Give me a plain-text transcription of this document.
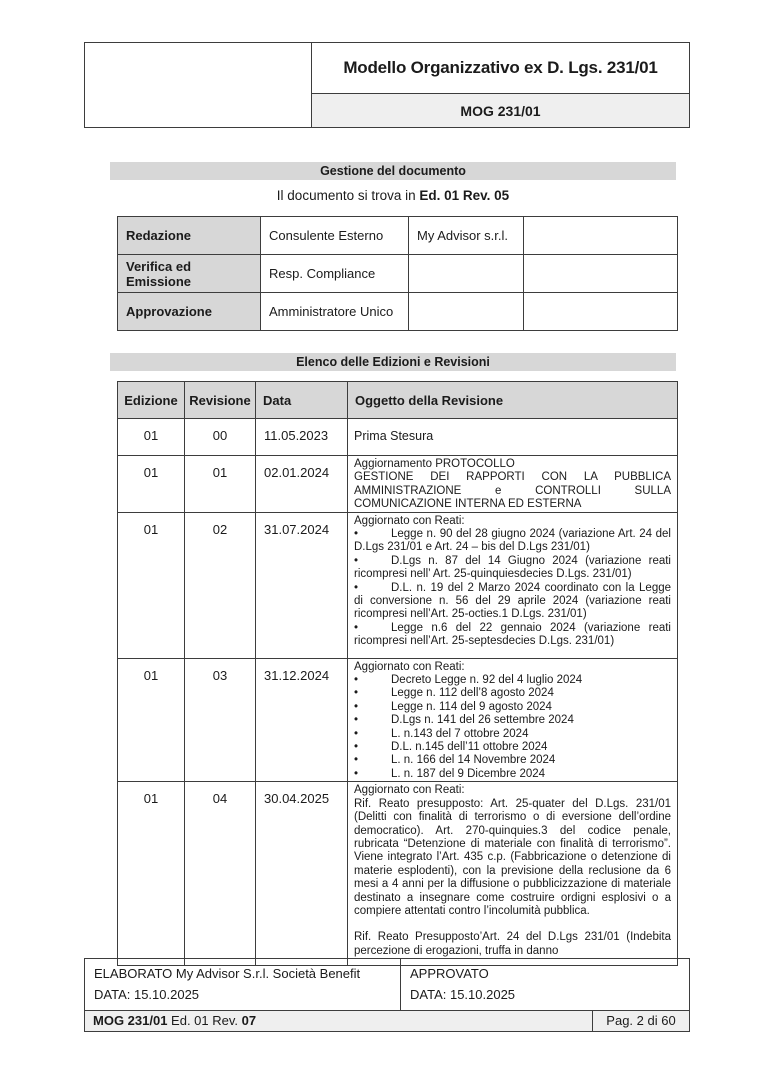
Modello Organizzativo ex D. Lgs. 231/01
MOG 231/01
Gestione del documento
Il documento si trova in Ed. 01 Rev. 05
Redazione	Consulente Esterno	My Advisor s.r.l.	
Verifica ed Emissione	Resp. Compliance		
Approvazione	Amministratore Unico		
Elenco delle Edizioni e Revisioni
Edizione	Revisione	Data	Oggetto della Revisione
01	00	11.05.2023	Prima Stesura

01	01	02.01.2024	Aggiornamento PROTOCOLLO
GESTIONE DEI RAPPORTI CON LA PUBBLICA AMMINISTRAZIONE e CONTROLLI SULLA COMUNICAZIONE INTERNA ED ESTERNA

01	02	31.07.2024	Aggiornato con Reati:
• Legge n. 90 del 28 giugno 2024 (variazione Art. 24 del D.Lgs 231/01 e Art. 24 – bis del D.Lgs 231/01)
• D.Lgs n. 87 del 14 Giugno 2024 (variazione reati ricompresi nell’ Art. 25-quinquiesdecies D.Lgs. 231/01)
• D.L. n. 19 del 2 Marzo 2024 coordinato con la Legge di conversione n. 56 del 29 aprile 2024 (variazione reati ricompresi nell’Art. 25-octies.1 D.Lgs. 231/01)
• Legge n.6 del 22 gennaio 2024 (variazione reati ricompresi nell’Art. 25-septesdecies D.Lgs. 231/01)

01	03	31.12.2024	
Aggiornato con Reati:
•	Decreto Legge n. 92 del 4 luglio 2024
•	Legge n. 112 dell’8 agosto 2024
•	Legge n. 114 del 9 agosto 2024
•	D.Lgs n. 141 del 26 settembre 2024
•	L. n.143 del 7 ottobre 2024
•	D.L. n.145 dell’11 ottobre 2024
•	L. n. 166 del 14 Novembre 2024
•	L. n. 187 del 9 Dicembre 2024

01	04	30.04.2025	Aggiornato con Reati:
Rif. Reato presupposto: Art. 25-quater del D.Lgs. 231/01 (Delitti con finalità di terrorismo o di eversione dell’ordine democratico). Art. 270-quinquies.3 del codice penale, rubricata “Detenzione di materiale con finalità di terrorismo”. Viene integrato l’Art. 435 c.p. (Fabbricazione o detenzione di materie esplodenti), con la previsione della reclusione da 6 mesi a 4 anni per la diffusione o pubblicizzazione di materiale destinato a insegnare come costruire ordigni esplosivi o a compiere attentati contro l’incolumità pubblica.

Rif. Reato Presupposto’Art. 24 del D.Lgs 231/01 (Indebita percezione di erogazioni, truffa in danno
ELABORATO My Advisor S.r.l. Società Benefit
DATA: 15.10.2025
APPROVATO
DATA: 15.10.2025
MOG 231/01 Ed. 01 Rev. 07	Pag. 2 di 60
